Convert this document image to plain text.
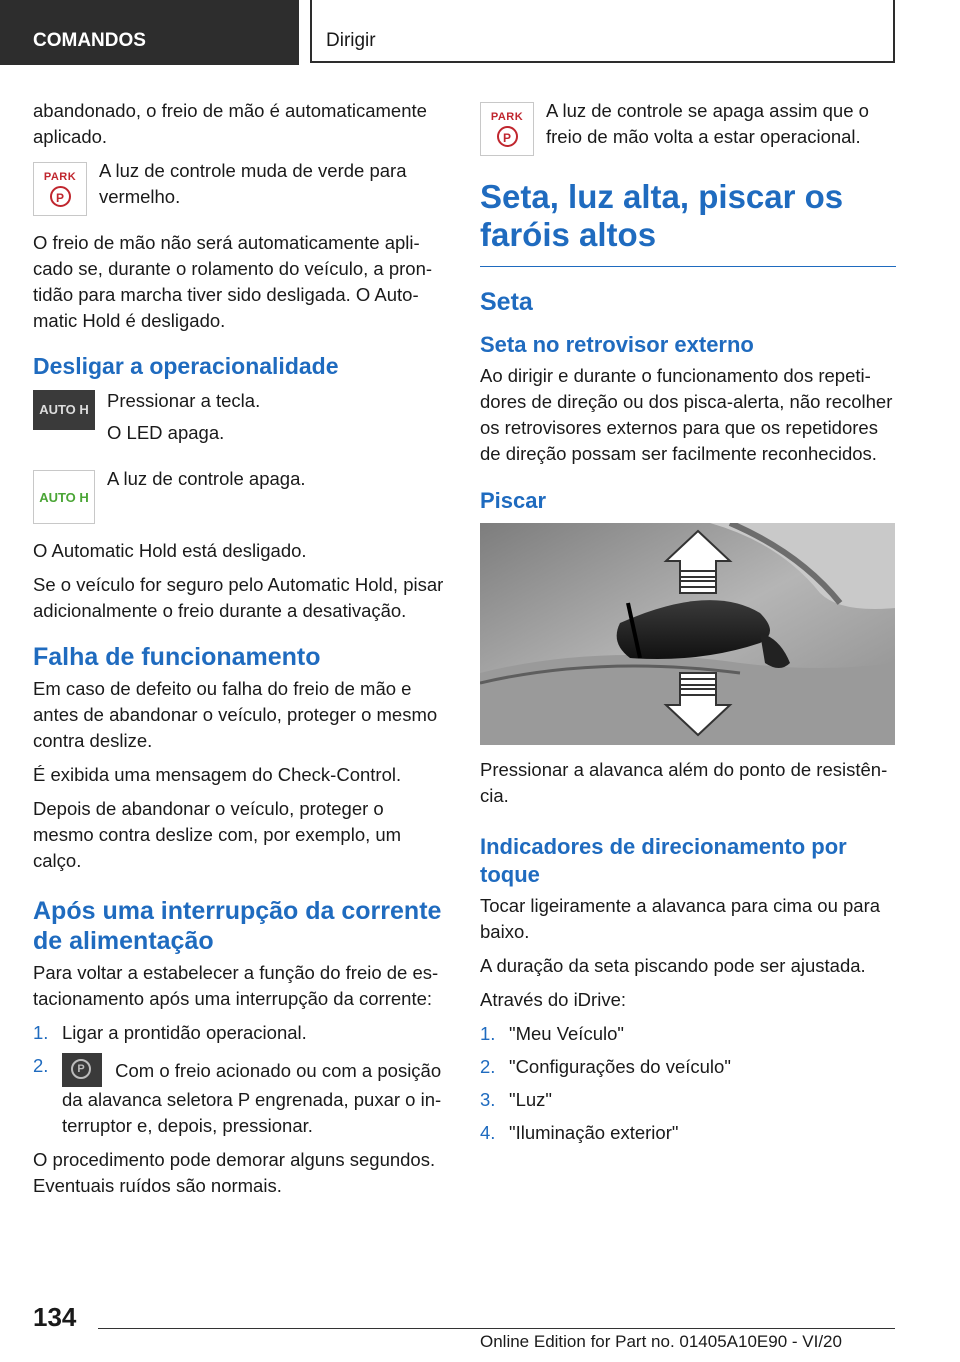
COMANDOS	Dirigir

abandonado, o freio de mão é automaticamente aplicado.

PARK
P

A luz de controle muda de verde para vermelho.

O freio de mão não será automaticamente aplicado se, durante o rolamento do veículo, a prontidão para marcha tiver sido desligada. O Automatic Hold é desligado.

Desligar a operacionalidade
AUTO H Pressionar a tecla.

O LED apaga.

AUTO H

A luz de controle apaga.

O Automatic Hold está desligado.

Se o veículo for seguro pelo Automatic Hold, pisar adicionalmente o freio durante a desativação.

Falha de funcionamento

Em caso de defeito ou falha do freio de mão e antes de abandonar o veículo, proteger o mesmo contra deslize.

É exibida uma mensagem do Check-Control.

Depois de abandonar o veículo, proteger o mesmo contra deslize com, por exemplo, um calço.

Após uma interrupção da corrente de alimentação

Para voltar a estabelecer a função do freio de estacionamento após uma interrupção da corrente:

1. Ligar a prontidão operacional.
2.	P	Com o freio acionado ou com a posição da alavanca seletora P engrenada, puxar o interruptor e, depois, pressionar.

O procedimento pode demorar alguns segundos. Eventuais ruídos são normais.

PARK
P

A luz de controle se apaga assim que o freio de mão volta a estar operacional.

Seta, luz alta, piscar os faróis altos
Seta
Seta no retrovisor externo

Ao dirigir e durante o funcionamento dos repetidores de direção ou dos pisca-alerta, não recolher os retrovisores externos para que os repetidores de direção possam ser facilmente reconhecidos.

Piscar

Pressionar a alavanca além do ponto de resistência.

Indicadores de direcionamento por toque

Tocar ligeiramente a alavanca para cima ou para baixo.

A duração da seta piscando pode ser ajustada.

Através do iDrive:

1. "Meu Veículo"
2. "Configurações do veículo"
3. "Luz"
4. "Iluminação exterior"
134
Online Edition for Part no. 01405A10E90 - VI/20
